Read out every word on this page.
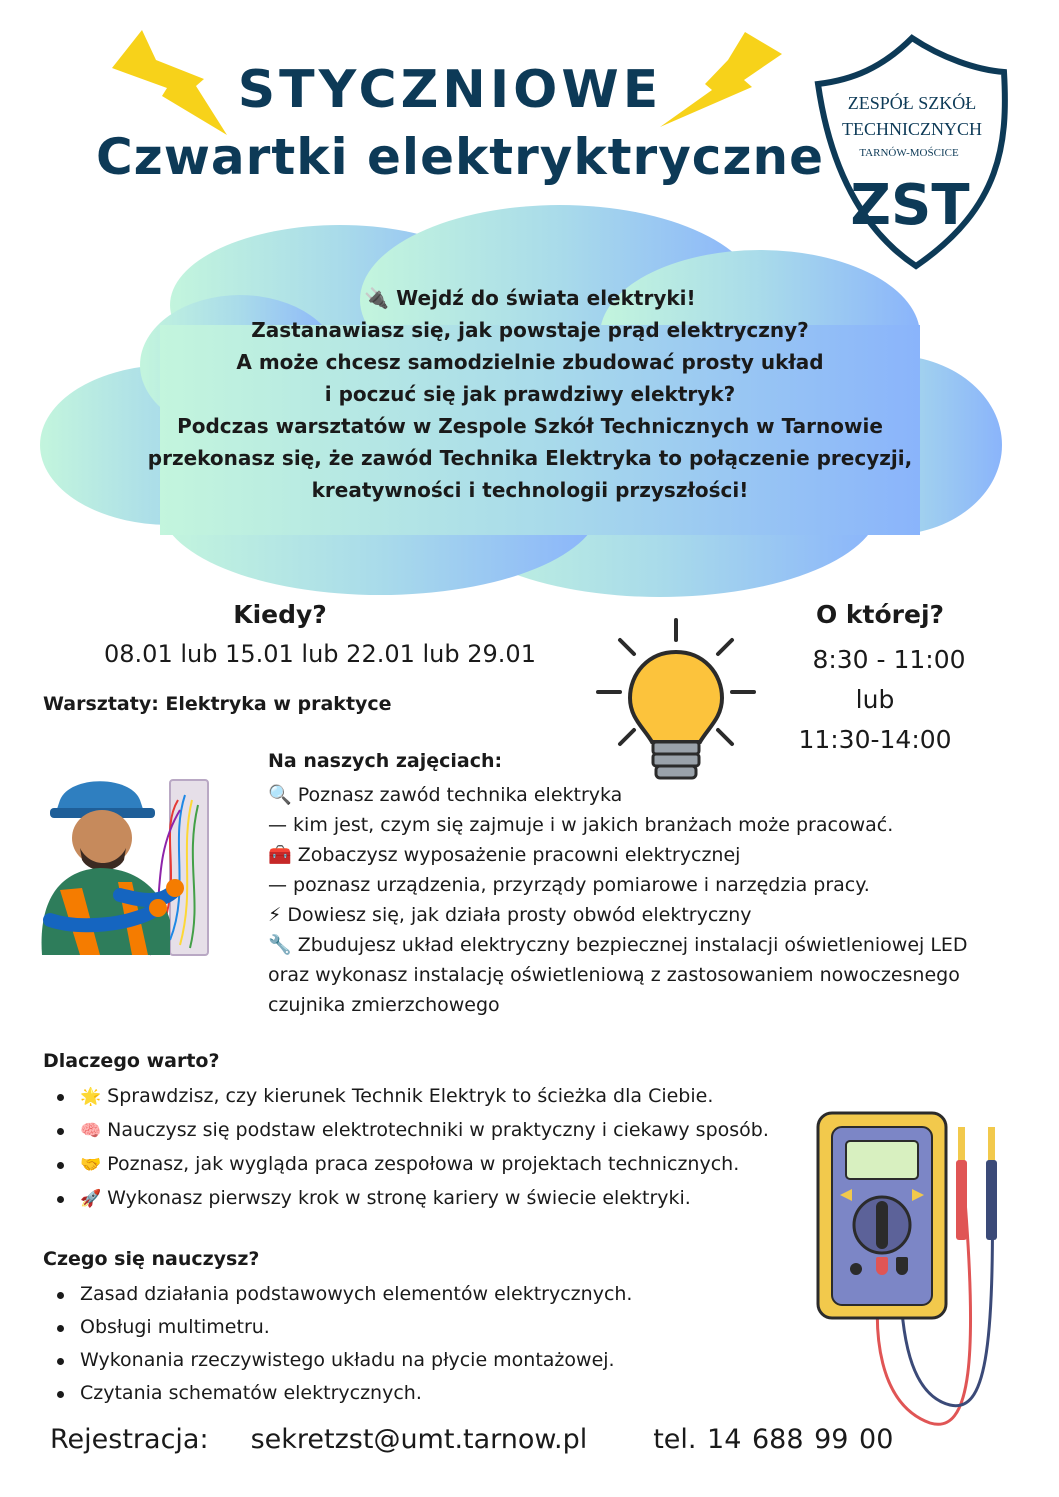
STYCZNIOWE
Czwartki elektryktryczne
ZESPÓŁ SZKÓŁ
TECHNICZNYCH
TARNÓW-MOŚCICE
ZST
🔌 Wejdź do świata elektryki!
Zastanawiasz się, jak powstaje prąd elektryczny?
A może chcesz samodzielnie zbudować prosty układ
i poczuć się jak prawdziwy elektryk?
Podczas warsztatów w Zespole Szkół Technicznych w Tarnowie
przekonasz się, że zawód Technika Elektryka to połączenie precyzji,
kreatywności i technologii przyszłości!
Kiedy?
08.01 lub 15.01 lub 22.01 lub 29.01
O której?
8:30 - 11:00
lub
11:30-14:00
Warsztaty: Elektryka w praktyce
Na naszych zajęciach:
🔍 Poznasz zawód technika elektryka
— kim jest, czym się zajmuje i w jakich branżach może pracować.
🧰 Zobaczysz wyposażenie pracowni elektrycznej
— poznasz urządzenia, przyrządy pomiarowe i narzędzia pracy.
⚡ Dowiesz się, jak działa prosty obwód elektryczny
🔧 Zbudujesz układ elektryczny bezpiecznej instalacji oświetleniowej LED
oraz wykonasz instalację oświetleniową z zastosowaniem nowoczesnego
czujnika zmierzchowego
Dlaczego warto?
🌟 Sprawdzisz, czy kierunek Technik Elektryk to ścieżka dla Ciebie.
🧠 Nauczysz się podstaw elektrotechniki w praktyczny i ciekawy sposób.
🤝 Poznasz, jak wygląda praca zespołowa w projektach technicznych.
🚀 Wykonasz pierwszy krok w stronę kariery w świecie elektryki.
Czego się nauczysz?
Zasad działania podstawowych elementów elektrycznych.
Obsługi multimetru.
Wykonania rzeczywistego układu na płycie montażowej.
Czytania schematów elektrycznych.
Rejestracja: sekretzst@umt.tarnow.pl tel. 14 688 99 00
